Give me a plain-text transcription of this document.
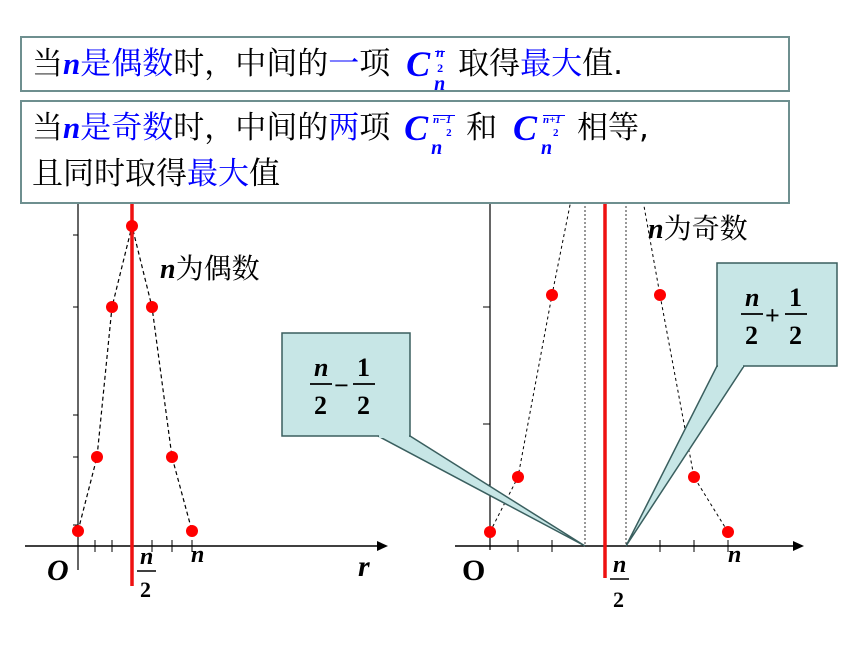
O	r
n
n
2
n为偶数
O	n
n
2
n为奇数
n
2
−
1
2
n
2
+
1
2
当n是偶数时，中间的一项 C n
2
n
取得最大值.
当n是奇数时，中间的两项 C n−1
2
n
和 C n+1
2
n
相等,
且同时取得最大值
